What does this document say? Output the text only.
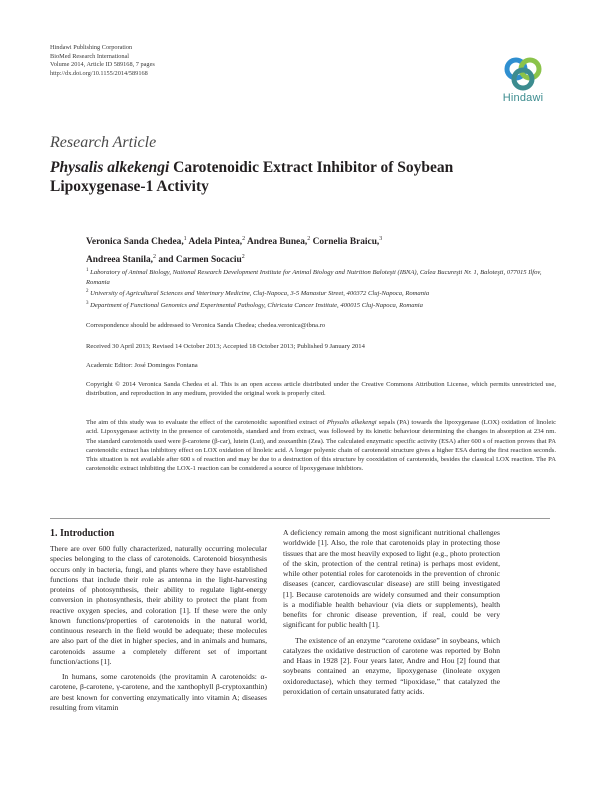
Hindawi Publishing Corporation
BioMed Research International
Volume 2014, Article ID 589168, 7 pages
http://dx.doi.org/10.1155/2014/589168
Hindawi
Research Article
Physalis alkekengi Carotenoidic Extract Inhibitor of Soybean Lipoxygenase-1 Activity
Veronica Sanda Chedea,$^1$ Adela Pintea,$^2$ Andrea Bunea,$^2$ Cornelia Braicu,$^3$
Andreea Stanila,$^2$ and Carmen Socaciu$^2$
$^1$ Laboratory of Animal Biology, National Research Development Institute for Animal Biology and Nutrition Baloteşti (IBNA), Calea Bucureşti Nr. 1, Baloteşti, 077015 Ilfov, Romania
$^2$ University of Agricultural Sciences and Veterinary Medicine, Cluj-Napoca, 3-5 Manastur Street, 400372 Cluj-Napoca, Romania
$^3$ Department of Functional Genomics and Experimental Pathology, Chiricuta Cancer Institute, 400015 Cluj-Napoca, Romania
Correspondence should be addressed to Veronica Sanda Chedea; chedea.veronica@ibna.ro
Received 30 April 2013; Revised 14 October 2013; Accepted 18 October 2013; Published 9 January 2014
Academic Editor: José Domingos Fontana
Copyright © 2014 Veronica Sanda Chedea et al. This is an open access article distributed under the Creative Commons Attribution License, which permits unrestricted use, distribution, and reproduction in any medium, provided the original work is properly cited.
The aim of this study was to evaluate the effect of the carotenoidic saponified extract of Physalis alkekengi sepals (PA) towards the lipoxygenase (LOX) oxidation of linoleic acid. Lipoxygenase activity in the presence of carotenoids, standard and from extract, was followed by its kinetic behaviour determining the changes in absorption at 234 nm. The standard carotenoids used were β-carotene (β-car), lutein (Lut), and zeaxanthin (Zea). The calculated enzymatic specific activity (ESA) after 600 s of reaction proves that PA carotenoidic extract has inhibitory effect on LOX oxidation of linoleic acid. A longer polyenic chain of carotenoid structure gives a higher ESA during the first reaction seconds. This situation is not available after 600 s of reaction and may be due to a destruction of this structure by cooxidation of carotenoids, besides the classical LOX reaction. The PA carotenoidic extract inhibiting the LOX-1 reaction can be considered a source of lipoxygenase inhibitors.
1. Introduction

There are over 600 fully characterized, naturally occurring molecular species belonging to the class of carotenoids. Carotenoid biosynthesis occurs only in bacteria, fungi, and plants where they have established functions that include their role as antenna in the light-harvesting proteins of photosynthesis, their ability to regulate light-energy conversion in photosynthesis, their ability to protect the plant from reactive oxygen species, and coloration [1]. If these were the only known functions/properties of carotenoids in the natural world, continuous research in the field would be adequate; these molecules are also part of the diet in higher species, and in animals and humans, carotenoids assume a completely different set of important function/actions [1].

In humans, some carotenoids (the provitamin A carotenoids: α-carotene, β-carotene, γ-carotene, and the xanthophyll β-cryptoxanthin) are best known for converting enzymatically into vitamin A; diseases resulting from vitamin

A deficiency remain among the most significant nutritional challenges worldwide [1]. Also, the role that carotenoids play in protecting those tissues that are the most heavily exposed to light (e.g., photo protection of the skin, protection of the central retina) is perhaps most evident, while other potential roles for carotenoids in the prevention of chronic diseases (cancer, cardiovascular disease) are still being investigated [1]. Because carotenoids are widely consumed and their consumption is a modifiable health behaviour (via diets or supplements), health benefits for chronic disease prevention, if real, could be very significant for public health [1].

The existence of an enzyme “carotene oxidase” in soybeans, which catalyzes the oxidative destruction of carotene was reported by Bohn and Haas in 1928 [2]. Four years later, Andre and Hou [2] found that soybeans contained an enzyme, lipoxygenase (linoleate oxygen oxidoreductase), which they termed “lipoxidase,” that catalyzed the peroxidation of certain unsaturated fatty acids.
